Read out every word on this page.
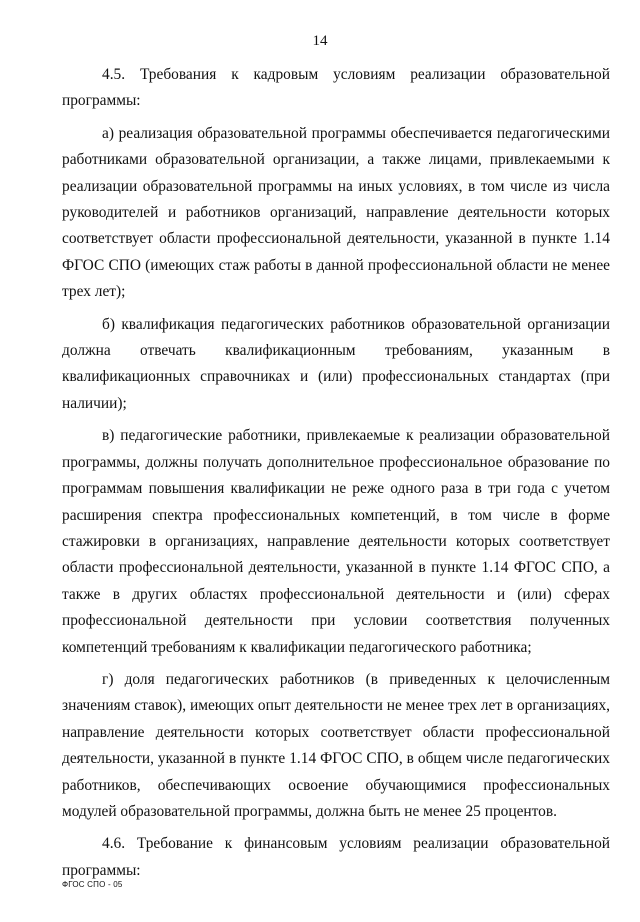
14

4.5. Требования к кадровым условиям реализации образовательной программы:

а) реализация образовательной программы обеспечивается педагогическими работниками образовательной организации, а также лицами, привлекаемыми к реализации образовательной программы на иных условиях, в том числе из числа руководителей и работников организаций, направление деятельности которых соответствует области профессиональной деятельности, указанной в пункте 1.14 ФГОС СПО (имеющих стаж работы в данной профессиональной области не менее трех лет);

б) квалификация педагогических работников образовательной организации должна отвечать квалификационным требованиям, указанным в квалификационных справочниках и (или) профессиональных стандартах (при наличии);

в) педагогические работники, привлекаемые к реализации образовательной программы, должны получать дополнительное профессиональное образование по программам повышения квалификации не реже одного раза в три года с учетом расширения спектра профессиональных компетенций, в том числе в форме стажировки в организациях, направление деятельности которых соответствует области профессиональной деятельности, указанной в пункте 1.14 ФГОС СПО, а также в других областях профессиональной деятельности и (или) сферах профессиональной деятельности при условии соответствия полученных компетенций требованиям к квалификации педагогического работника;

г) доля педагогических работников (в приведенных к целочисленным значениям ставок), имеющих опыт деятельности не менее трех лет в организациях, направление деятельности которых соответствует области профессиональной деятельности, указанной в пункте 1.14 ФГОС СПО, в общем числе педагогических работников, обеспечивающих освоение обучающимися профессиональных модулей образовательной программы, должна быть не менее 25 процентов.

4.6. Требование к финансовым условиям реализации образовательной программы:

ФГОС СПО - 05
